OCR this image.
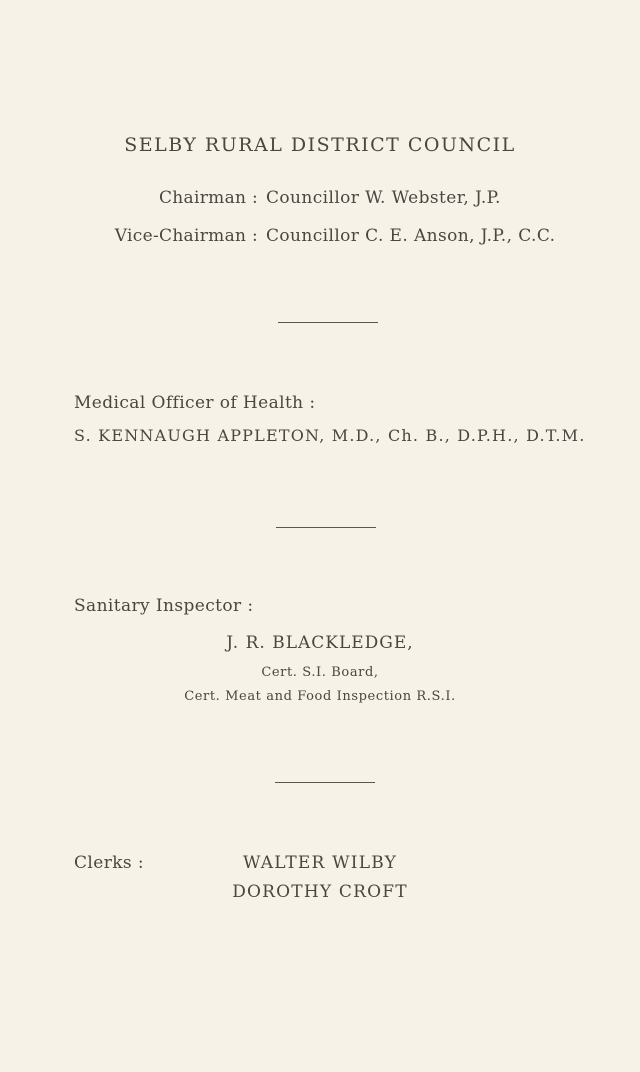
SELBY RURAL DISTRICT COUNCIL
Chairman : Councillor W. Webster, J.P.
Vice-Chairman : Councillor C. E. Anson, J.P., C.C.
Medical Officer of Health :
S. KENNAUGH APPLETON, M.D., Ch. B., D.P.H., D.T.M.
Sanitary Inspector :
J. R. BLACKLEDGE,
Cert. S.I. Board,
Cert. Meat and Food Inspection R.S.I.
Clerks :	WALTER WILBY
DOROTHY CROFT
